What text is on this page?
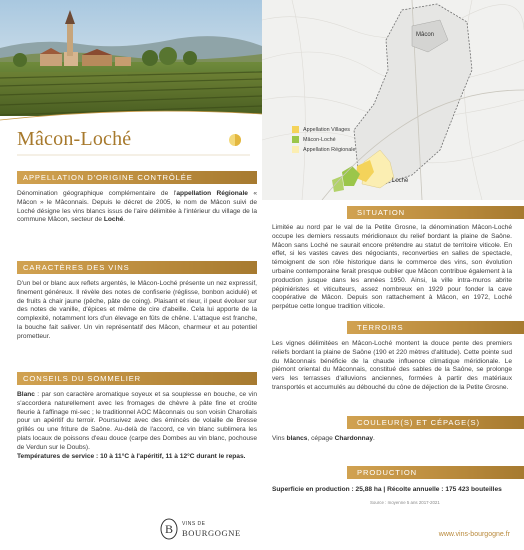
Mâcon-Loché
Mâcon
Loché
Appellation Villages
Mâcon-Loché
Appellation Régionale
APPELLATION D'ORIGINE CONTRÔLÉE
Dénomination géographique complémentaire de l'appellation Régionale « Mâcon » le Mâconnais. Depuis le décret de 2005, le nom de Mâcon suivi de Loché désigne les vins blancs issus de l'aire délimitée à l'intérieur du village de la commune Mâcon, secteur de Loché.
CARACTÈRES DES VINS
D'un bel or blanc aux reflets argentés, le Mâcon-Loché présente un nez expressif, finement généreux. Il révèle des notes de confiserie (réglisse, bonbon acidulé) et de fruits à chair jaune (pêche, pâte de coing). Plaisant et rieur, il peut évoluer sur des notes de vanille, d'épices et même de cire d'abeille. Cela lui apporte de la complexité, notamment lors d'un élevage en fûts de chêne. L'attaque est franche, la bouche fait saliver. Un vin représentatif des Mâcon, charmeur et au potentiel prometteur.
CONSEILS DU SOMMELIER
Blanc : par son caractère aromatique soyeux et sa souplesse en bouche, ce vin s'accordera naturellement avec les fromages de chèvre à pâte fine et croûte fleurie à l'affinage mi-sec ; le traditionnel AOC Mâconnais ou son voisin Charollais pour un apéritif du terroir. Poursuivez avec des émincés de volaille de Bresse grillés ou une friture de Saône. Au-delà de l'accord, ce vin blanc sublimera les plats locaux de poissons d'eau douce (carpe des Dombes au vin blanc, pochouse de Verdun sur le Doubs).
Températures de service : 10 à 11°C à l'apéritif, 11 à 12°C durant le repas.
SITUATION
Limitée au nord par le val de la Petite Grosne, la dénomination Mâcon-Loché occupe les derniers ressauts méridionaux du relief bordant la plaine de Saône. Mâcon sans Loché ne saurait encore prétendre au statut de territoire viticole. En effet, si les vastes caves des négociants, reconverties en salles de spectacle, témoignent de son rôle historique dans le commerce des vins, son évolution urbaine contemporaine ferait presque oublier que Mâcon contribue également à la production jusque dans les années 1950. Ainsi, la ville intra-muros abrite pépiniéristes et viticulteurs, assez nombreux en 1929 pour fonder la cave coopérative de Mâcon. Depuis son rattachement à Mâcon, en 1972, Loché perpétue cette longue tradition viticole.
TERROIRS
Les vignes délimitées en Mâcon-Loché montent la douce pente des premiers reliefs bordant la plaine de Saône (190 et 220 mètres d'altitude). Cette pointe sud du Mâconnais bénéficie de la chaude influence climatique méridionale. Le piémont oriental du Mâconnais, constitué des sables de la Saône, se prolonge vers les terrasses d'alluvions anciennes, formées à partir des matériaux transportés et accumulés au débouché du cône de déjection de la Petite Grosne.
COULEUR(S) ET CÉPAGE(S)
Vins blancs, cépage Chardonnay.
PRODUCTION
Superficie en production : 25,88 ha | Récolte annuelle : 175 423 bouteilles
Source : moyenne 5 ans 2017-2021
B VINS DE
BOURGOGNE	www.vins-bourgogne.fr
